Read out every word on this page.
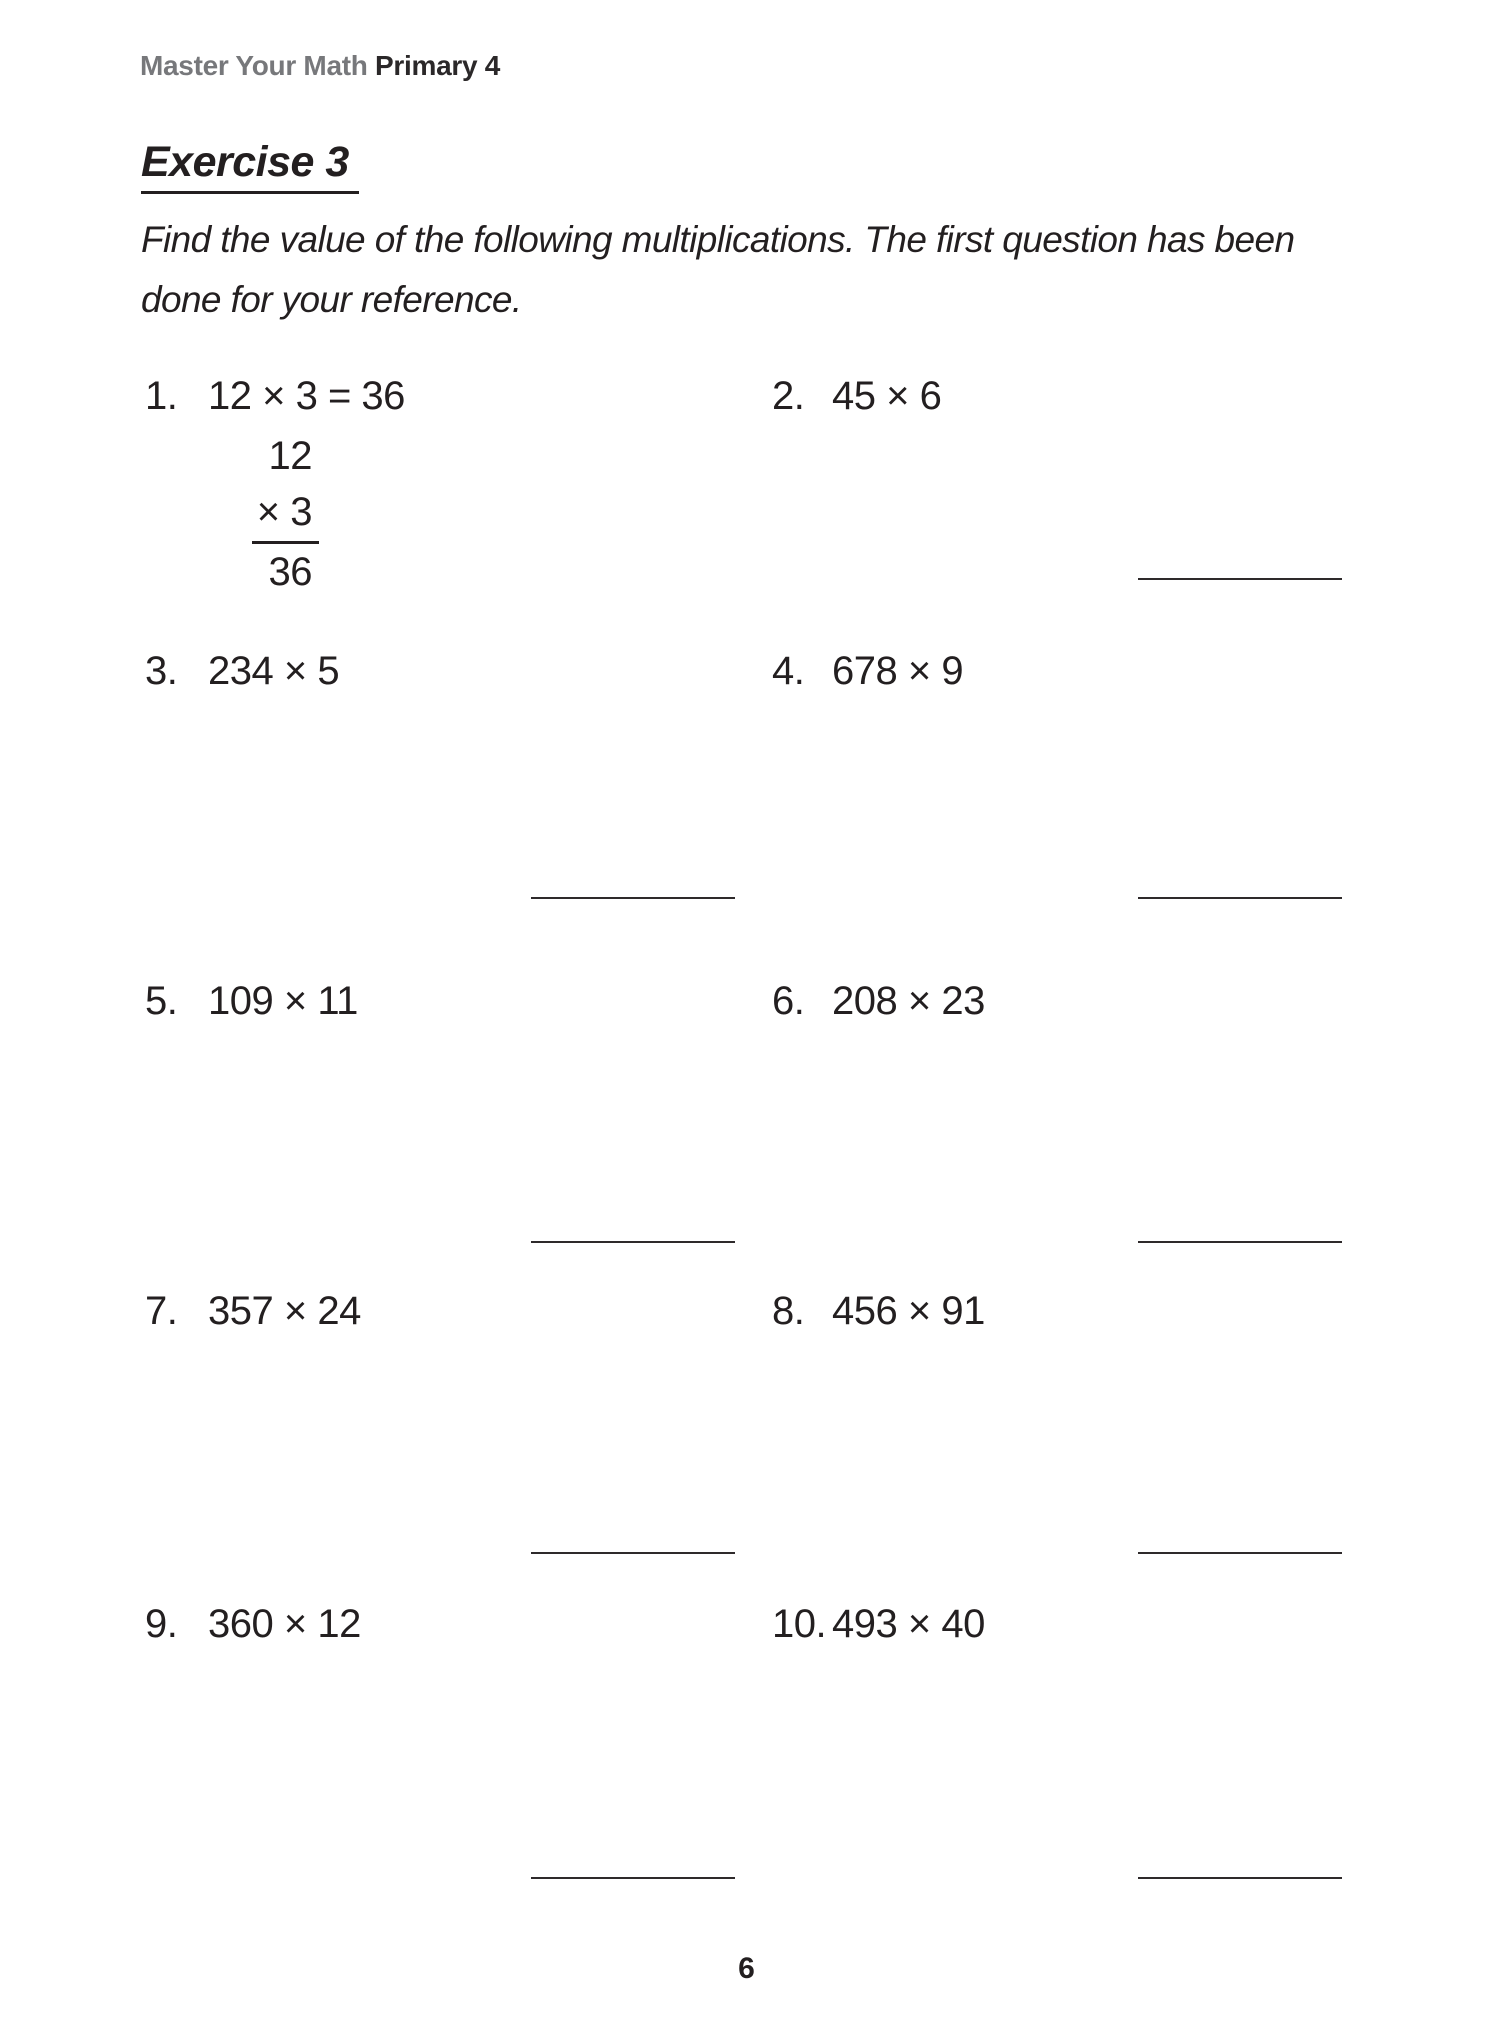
Master Your Math Primary 4
Exercise 3
Find the value of the following multiplications. The first question has been
done for your reference.
1. 12 × 3 = 36	2. 45 × 6
12
× 3
36
3. 234 × 5	4. 678 × 9
5. 109 × 11	6. 208 × 23
7. 357 × 24	8. 456 × 91
9. 360 × 12	10. 493 × 40
6
